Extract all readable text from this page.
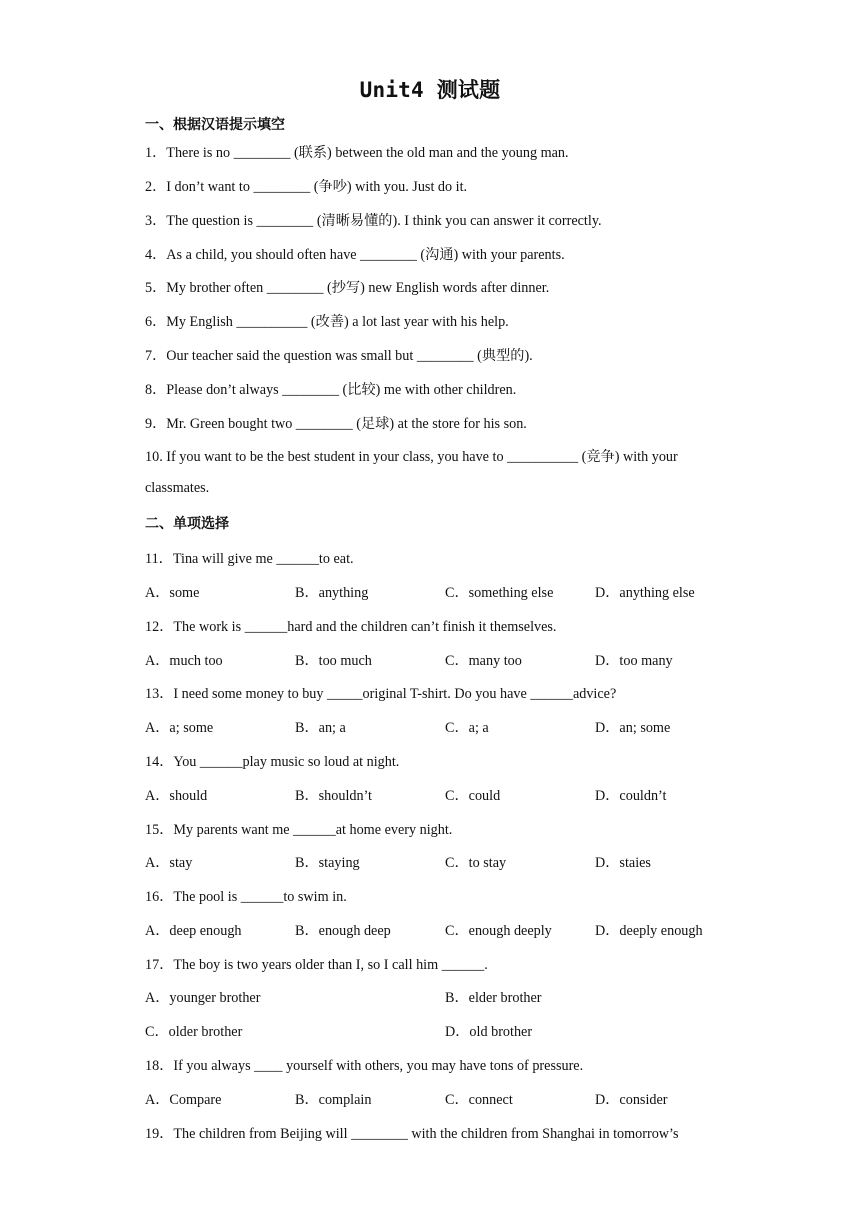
Unit4 测试题
一、根据汉语提示填空
1．There is no ________ (联系) between the old man and the young man.
2．I don’t want to ________ (争吵) with you. Just do it.
3．The question is ________ (清晰易懂的). I think you can answer it correctly.
4．As a child, you should often have ________ (沟通) with your parents.
5．My brother often ________ (抄写) new English words after dinner.
6．My English __________ (改善) a lot last year with his help.
7．Our teacher said the question was small but ________ (典型的).
8．Please don’t always ________ (比较) me with other children.
9．Mr. Green bought two ________ (足球) at the store for his son.
10. If you want to be the best student in your class, you have to __________ (竞争) with your
classmates.
二、单项选择
11．Tina will give me ______to eat.
A．some	B．anything	C．something else	D．anything else
12．The work is ______hard and the children can’t finish it themselves.
A．much too	B．too much	C．many too	D．too many
13．I need some money to buy _____original T-shirt. Do you have ______advice?
A．a; some	B．an; a	C．a; a	D．an; some
14．You ______play music so loud at night.
A．should	B．shouldn’t	C．could	D．couldn’t
15．My parents want me ______at home every night.
A．stay	B．staying	C．to stay	D．staies
16．The pool is ______to swim in.
A．deep enough	B．enough deep	C．enough deeply	D．deeply enough
17．The boy is two years older than I, so I call him ______.
A．younger brother	B．elder brother
C．older brother	D．old brother
18．If you always ____ yourself with others, you may have tons of pressure.
A．Compare	B．complain	C．connect	D．consider
19．The children from Beijing will ________ with the children from Shanghai in tomorrow’s
